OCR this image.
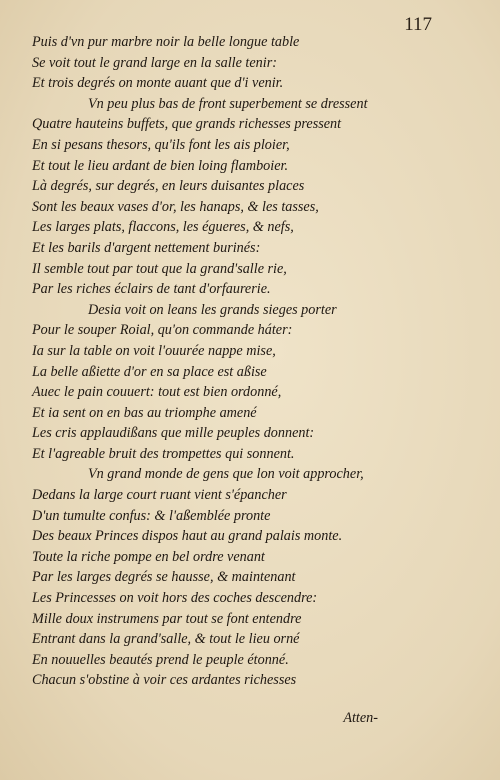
117
Puis d'vn pur marbre noir la belle longue table
Se voit tout le grand large en la salle tenir:
Et trois degrés on monte auant que d'i venir.
Vn peu plus bas de front superbement se dressent
Quatre hauteins buffets, que grands richesses pressent
En si pesans thesors, qu'ils font les ais ploier,
Et tout le lieu ardant de bien loing flamboier.
Là degrés, sur degrés, en leurs duisantes places
Sont les beaux vases d'or, les hanaps, & les tasses,
Les larges plats, flaccons, les égueres, & nefs,
Et les barils d'argent nettement burinés:
Il semble tout par tout que la grand'salle rie,
Par les riches éclairs de tant d'orfaurerie.
Desia voit on leans les grands sieges porter
Pour le souper Roial, qu'on commande háter:
Ia sur la table on voit l'ouurée nappe mise,
La belle aßiette d'or en sa place est aßise
Auec le pain couuert: tout est bien ordonné,
Et ia sent on en bas au triomphe amené
Les cris applaudißans que mille peuples donnent:
Et l'agreable bruit des trompettes qui sonnent.
Vn grand monde de gens que lon voit approcher,
Dedans la large court ruant vient s'épancher
D'un tumulte confus: & l'aßemblée pronte
Des beaux Princes dispos haut au grand palais monte.
Toute la riche pompe en bel ordre venant
Par les larges degrés se hausse, & maintenant
Les Princesses on voit hors des coches descendre:
Mille doux instrumens par tout se font entendre
Entrant dans la grand'salle, & tout le lieu orné
En nouuelles beautés prend le peuple étonné.
Chacun s'obstine à voir ces ardantes richesses
Atten-
